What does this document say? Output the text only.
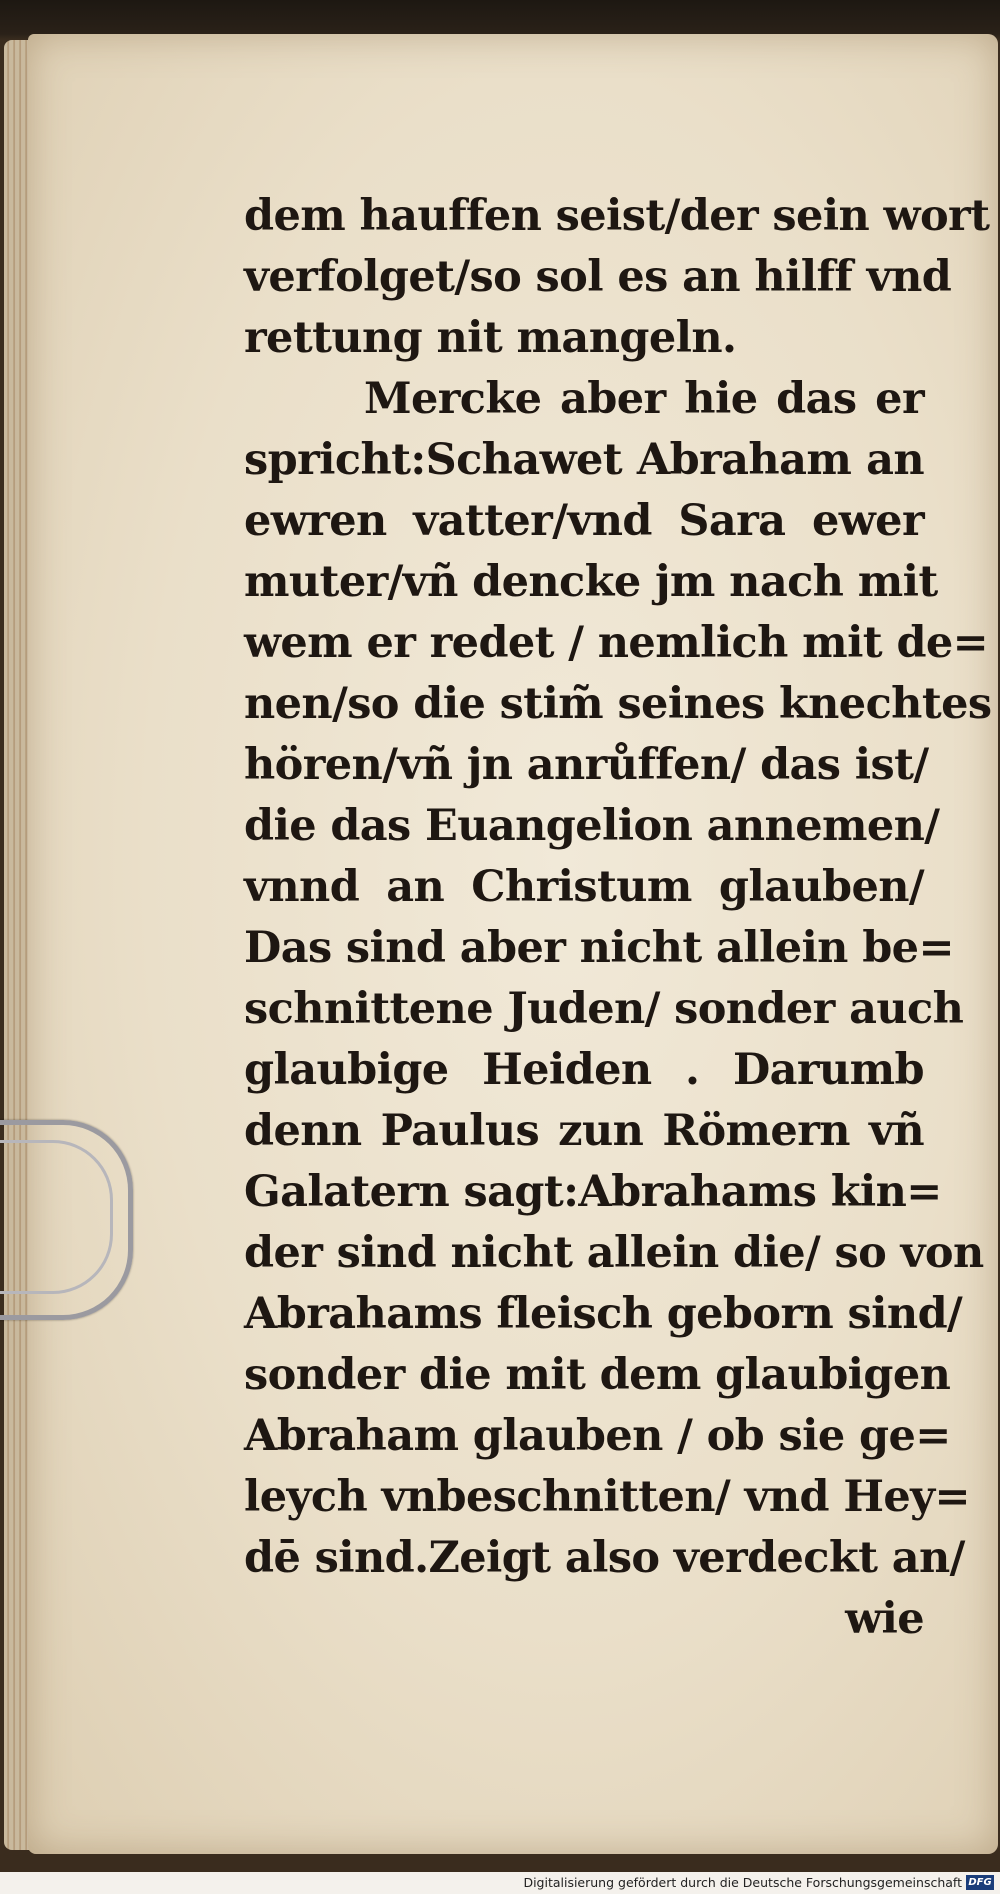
dem hauffen seist/der sein wort
verfolget/so sol es an hilff vnd
rettung nit mangeln.
Mercke aber hie das er
spricht:Schawet Abraham an
ewren vatter/vnd Sara ewer
muter/vñ dencke jm nach mit
wem er redet / nemlich mit de=
nen/so die stim̃ seines knechtes
hören/vñ jn anrůffen/ das ist/
die das Euangelion annemen/
vnnd an Christum glauben/
Das sind aber nicht allein be=
schnittene Juden/ sonder auch
glaubige Heiden . Darumb
denn Paulus zun Römern vñ
Galatern sagt:Abrahams kin=
der sind nicht allein die/ so von
Abrahams fleisch geborn sind/
sonder die mit dem glaubigen
Abraham glauben / ob sie ge=
leych vnbeschnitten/ vnd Hey=
dē sind.Zeigt also verdeckt an/
wie
Digitalisierung gefördert durch die Deutsche Forschungsgemeinschaft DFG
